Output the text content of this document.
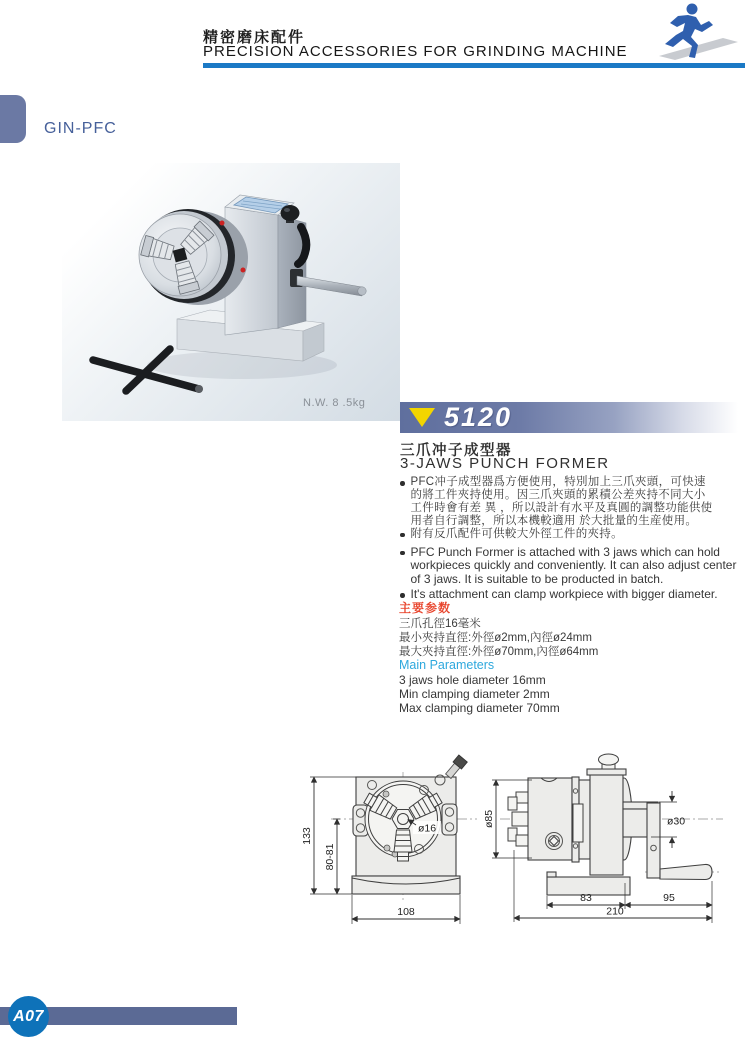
精密磨床配件
PRECISION ACCESSORIES FOR GRINDING MACHINE
GIN-PFC
N.W. 8 .5kg	5120
三爪冲子成型器
3-JAWS PUNCH FORMER
PFC冲子成型器爲方便使用，特別加上三爪夾頭，可快速
的將工件夾持使用。因三爪夾頭的累積公差夾持不同大小
工件時會有差 異 ，所以設計有水平及真圓的調整功能供使
用者自行調整，所以本機較適用 於大批量的生産使用。
附有反爪配件可供較大外徑工件的夾持。
PFC Punch Former is attached with 3 jaws which can hold
workpieces quickly and conveniently. It can also adjust center
of 3 jaws. It is suitable to be producted in batch.
It's attachment can clamp workpiece with bigger diameter.
主要参数
三爪孔徑16毫米
最小夾持直徑:外徑ø2mm,內徑ø24mm
最大夾持直徑:外徑ø70mm,內徑ø64mm
Main Parameters
3 jaws hole diameter 16mm
Min clamping diameter 2mm
Max clamping diameter 70mm
133
80-81
108
ø16
ø85	ø30
83	95
210
A07
